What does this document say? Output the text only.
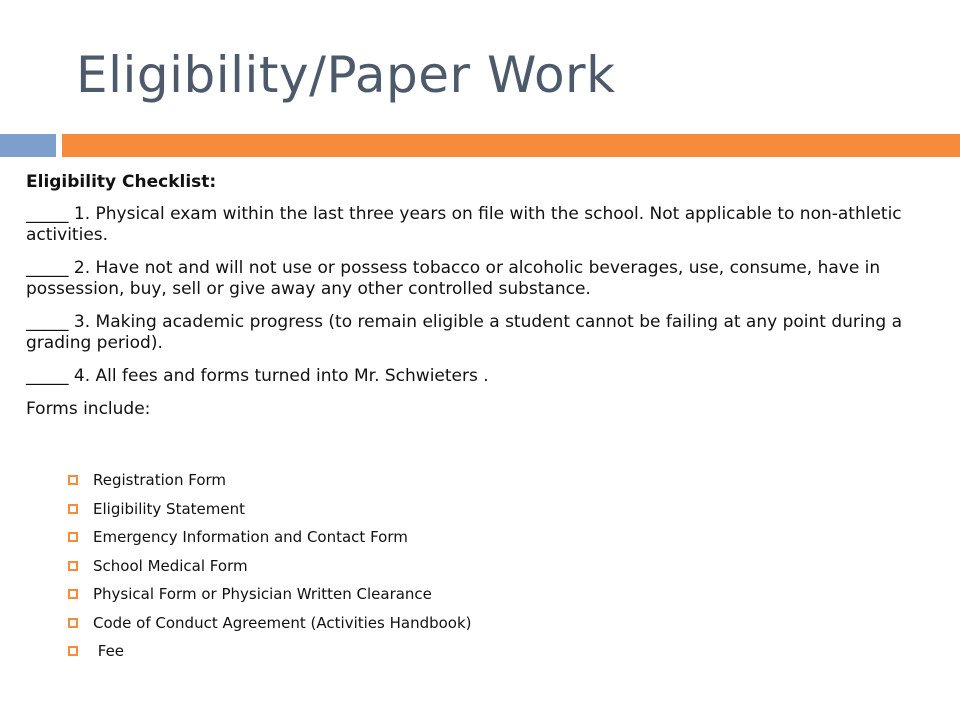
Eligibility/Paper Work
Eligibility Checklist:
_____ 1. Physical exam within the last three years on file with the school. Not applicable to non-athletic activities.
_____ 2. Have not and will not use or possess tobacco or alcoholic beverages, use, consume, have in possession, buy, sell or give away any other controlled substance.
_____ 3. Making academic progress (to remain eligible a student cannot be failing at any point during a grading period).
_____ 4. All fees and forms turned into Mr. Schwieters .
Forms include:
Registration Form
Eligibility Statement
Emergency Information and Contact Form
School Medical Form
Physical Form or Physician Written Clearance
Code of Conduct Agreement (Activities Handbook)
Fee
